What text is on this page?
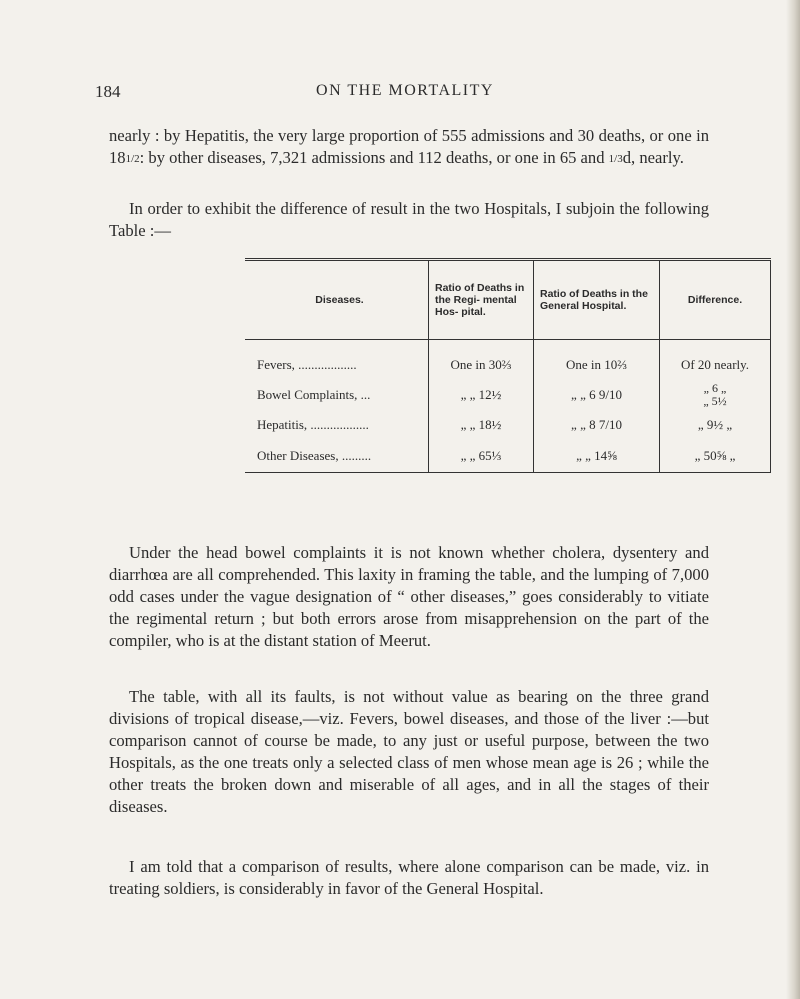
184	ON THE MORTALITY

nearly : by Hepatitis, the very large proportion of 555 admissions and 30 deaths, or one in 181/2: by other diseases, 7,321 admissions and 112 deaths, or one in 65 and 1/3d, nearly.

In order to exhibit the difference of result in the two Hospitals, I subjoin the following Table :—

Diseases.	Ratio of Deaths in the Regi- mental Hos- pital.	Ratio of Deaths in the General Hospital.	Difference.
Fevers, ..................	One in 30⅔	One in 10⅔	Of 20 nearly.
Bowel Complaints, ...	„ „ 12½	„ „ 6 9/10	„ 6 „
„ 5½
Hepatitis, ..................	„ „ 18½	„ „ 8 7/10	„ 9½ „
Other Diseases, .........	„ „ 65⅓	„ „ 14⅝	„ 50⅝ „

Under the head bowel complaints it is not known whether cholera, dysentery and diarrhœa are all comprehended. This laxity in framing the table, and the lumping of 7,000 odd cases under the vague designation of “ other diseases,” goes considerably to vitiate the regimental return ; but both errors arose from misapprehension on the part of the compiler, who is at the distant station of Meerut.

The table, with all its faults, is not without value as bearing on the three grand divisions of tropical disease,—viz. Fevers, bowel diseases, and those of the liver :—but comparison cannot of course be made, to any just or useful purpose, between the two Hospitals, as the one treats only a selected class of men whose mean age is 26 ; while the other treats the broken down and miserable of all ages, and in all the stages of their diseases.

I am told that a comparison of results, where alone comparison can be made, viz. in treating soldiers, is considerably in favor of the General Hospital.
